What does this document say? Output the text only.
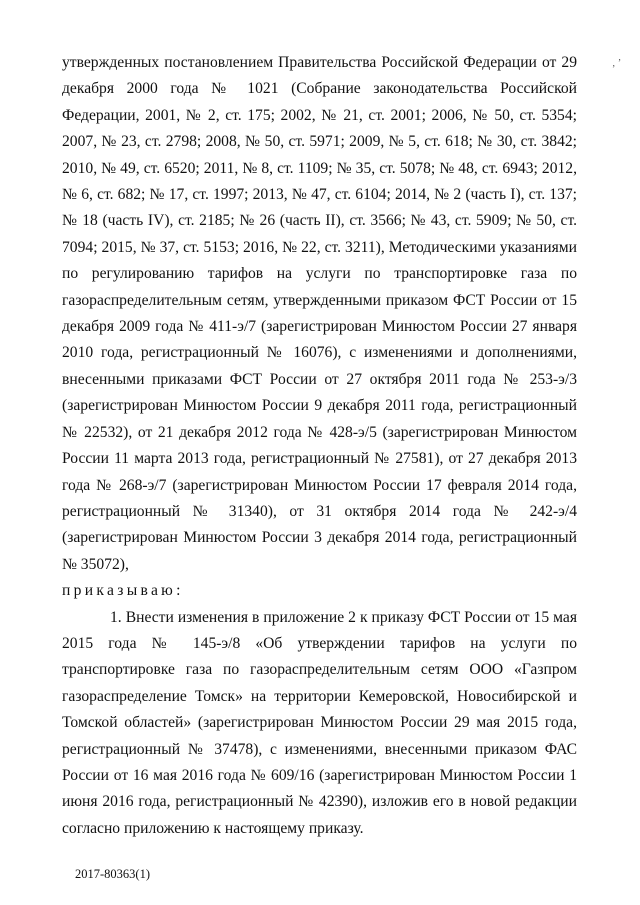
‚ ’

утвержденных постановлением Правительства Российской Федерации от 29 декабря 2000 года № 1021 (Собрание законодательства Российской Федерации, 2001, № 2, ст. 175; 2002, № 21, ст. 2001; 2006, № 50, ст. 5354; 2007, № 23, ст. 2798; 2008, № 50, ст. 5971; 2009, № 5, ст. 618; № 30, ст. 3842; 2010, № 49, ст. 6520; 2011, № 8, ст. 1109; № 35, ст. 5078; № 48, ст. 6943; 2012, № 6, ст. 682; № 17, ст. 1997; 2013, № 47, ст. 6104; 2014, № 2 (часть I), ст. 137; № 18 (часть IV), ст. 2185; № 26 (часть II), ст. 3566; № 43, ст. 5909; № 50, ст. 7094; 2015, № 37, ст. 5153; 2016, № 22, ст. 3211), Методическими указаниями по регулированию тарифов на услуги по транспортировке газа по газораспределительным сетям, утвержденными приказом ФСТ России от 15 декабря 2009 года № 411-э/7 (зарегистрирован Минюстом России 27 января 2010 года, регистрационный № 16076), с изменениями и дополнениями, внесенными приказами ФСТ России от 27 октября 2011 года № 253-э/3 (зарегистрирован Минюстом России 9 декабря 2011 года, регистрационный № 22532), от 21 декабря 2012 года № 428-э/5 (зарегистрирован Минюстом России 11 марта 2013 года, регистрационный № 27581), от 27 декабря 2013 года № 268-э/7 (зарегистрирован Минюстом России 17 февраля 2014 года, регистрационный № 31340), от 31 октября 2014 года № 242-э/4 (зарегистрирован Минюстом России 3 декабря 2014 года, регистрационный № 35072),

приказываю:

1. Внести изменения в приложение 2 к приказу ФСТ России от 15 мая 2015 года № 145-э/8 «Об утверждении тарифов на услуги по транспортировке газа по газораспределительным сетям ООО «Газпром газораспределение Томск» на территории Кемеровской, Новосибирской и Томской областей» (зарегистрирован Минюстом России 29 мая 2015 года, регистрационный № 37478), с изменениями, внесенными приказом ФАС России от 16 мая 2016 года № 609/16 (зарегистрирован Минюстом России 1 июня 2016 года, регистрационный № 42390), изложив его в новой редакции согласно приложению к настоящему приказу.

2017-80363(1)
